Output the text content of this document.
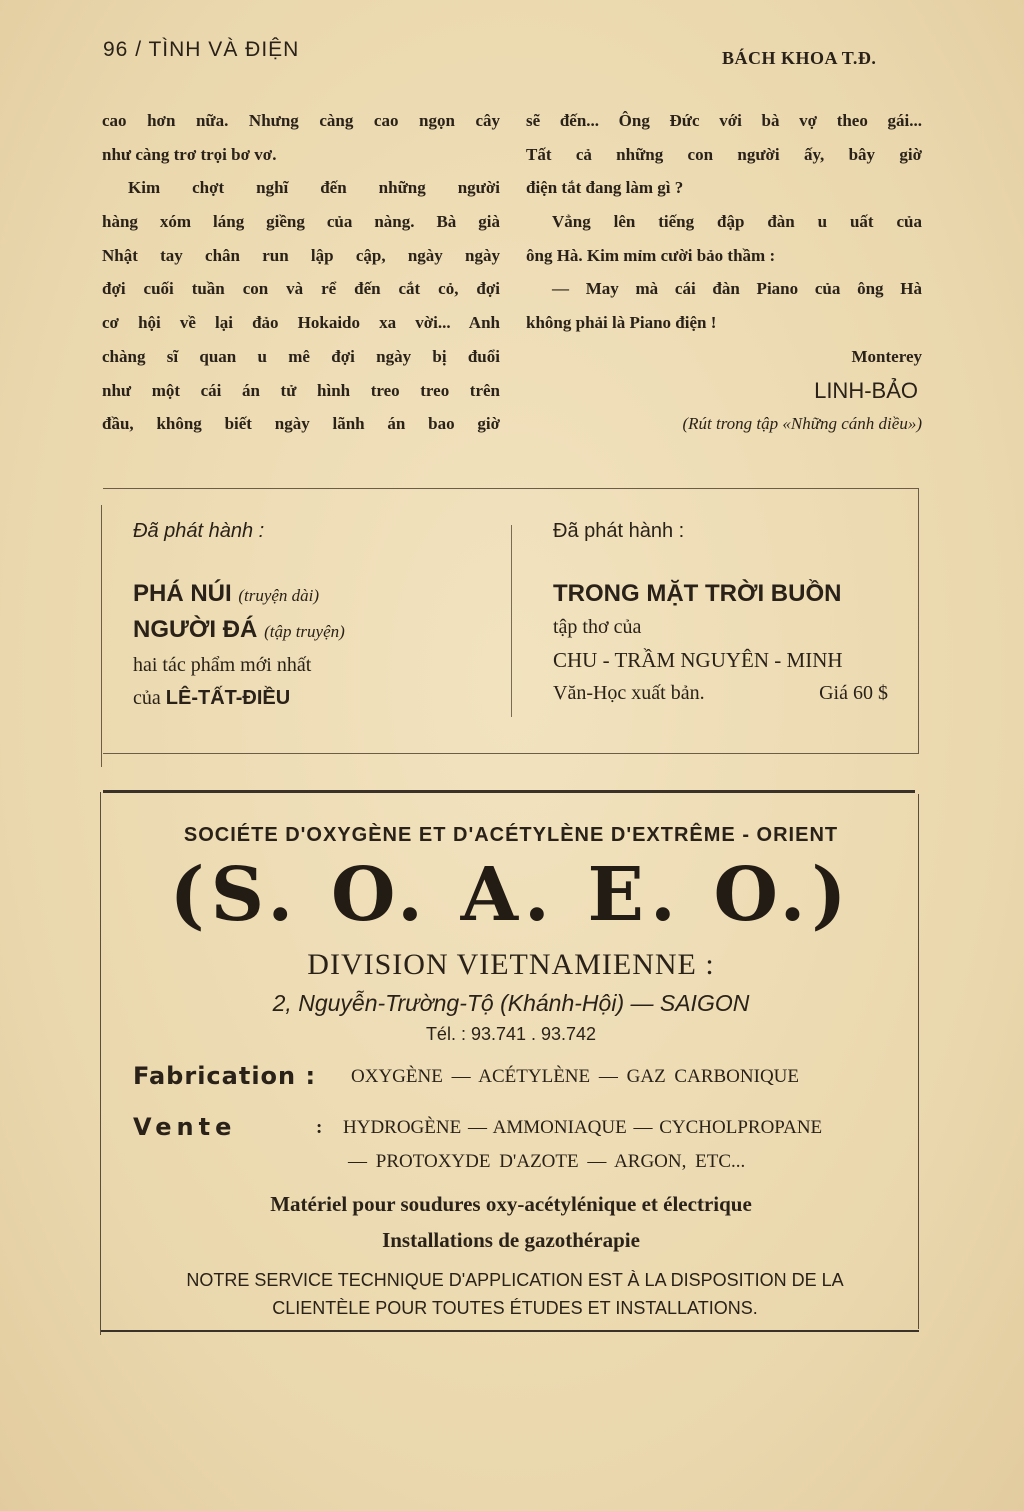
96 / TÌNH VÀ ĐIỆN	BÁCH KHOA T.Đ.
cao hơn nữa. Nhưng càng cao ngọn cây
như càng trơ trọi bơ vơ.
Kim chợt nghĩ đến những người
hàng xóm láng giềng của nàng. Bà già
Nhật tay chân run lập cập, ngày ngày
đợi cuối tuần con và rể đến cắt cỏ, đợi
cơ hội về lại đảo Hokaido xa vời... Anh
chàng sĩ quan u mê đợi ngày bị đuổi
như một cái án tử hình treo treo trên
đầu, không biết ngày lãnh án bao giờ
sẽ đến... Ông Đức với bà vợ theo gái...
Tất cả những con người ấy, bây giờ
điện tắt đang làm gì ?
Vẳng lên tiếng đập đàn u uất của
ông Hà. Kim mỉm cười bảo thầm :
— May mà cái đàn Piano của ông Hà
không phải là Piano điện !
Monterey
LINH-BẢO
(Rút trong tập «Những cánh diều»)
Đã phát hành :
PHÁ NÚI (truyện dài)
NGƯỜI ĐÁ (tập truyện)
hai tác phẩm mới nhất
của LÊ-TẤT-ĐIỀU
Đã phát hành :
TRONG MẶT TRỜI BUỒN
tập thơ của
CHU - TRẦM NGUYÊN - MINH
Văn-Học xuất bản.	Giá 60 $
SOCIÉTE D'OXYGÈNE ET D'ACÉTYLÈNE D'EXTRÊME - ORIENT
(S. O. A. E. O.)
DIVISION VIETNAMIENNE :
2, Nguyễn-Trường-Tộ (Khánh-Hội) — SAIGON
Tél. : 93.741 . 93.742
Fabrication : OXYGÈNE — ACÉTYLÈNE — GAZ CARBONIQUE
Vente	: HYDROGÈNE — AMMONIAQUE — CYCHOLPROPANE
— PROTOXYDE D'AZOTE — ARGON, ETC...
Matériel pour soudures oxy-acétylénique et électrique
Installations de gazothérapie
NOTRE SERVICE TECHNIQUE D'APPLICATION EST À LA DISPOSITION DE LA CLIENTÈLE POUR TOUTES ÉTUDES ET INSTALLATIONS.
